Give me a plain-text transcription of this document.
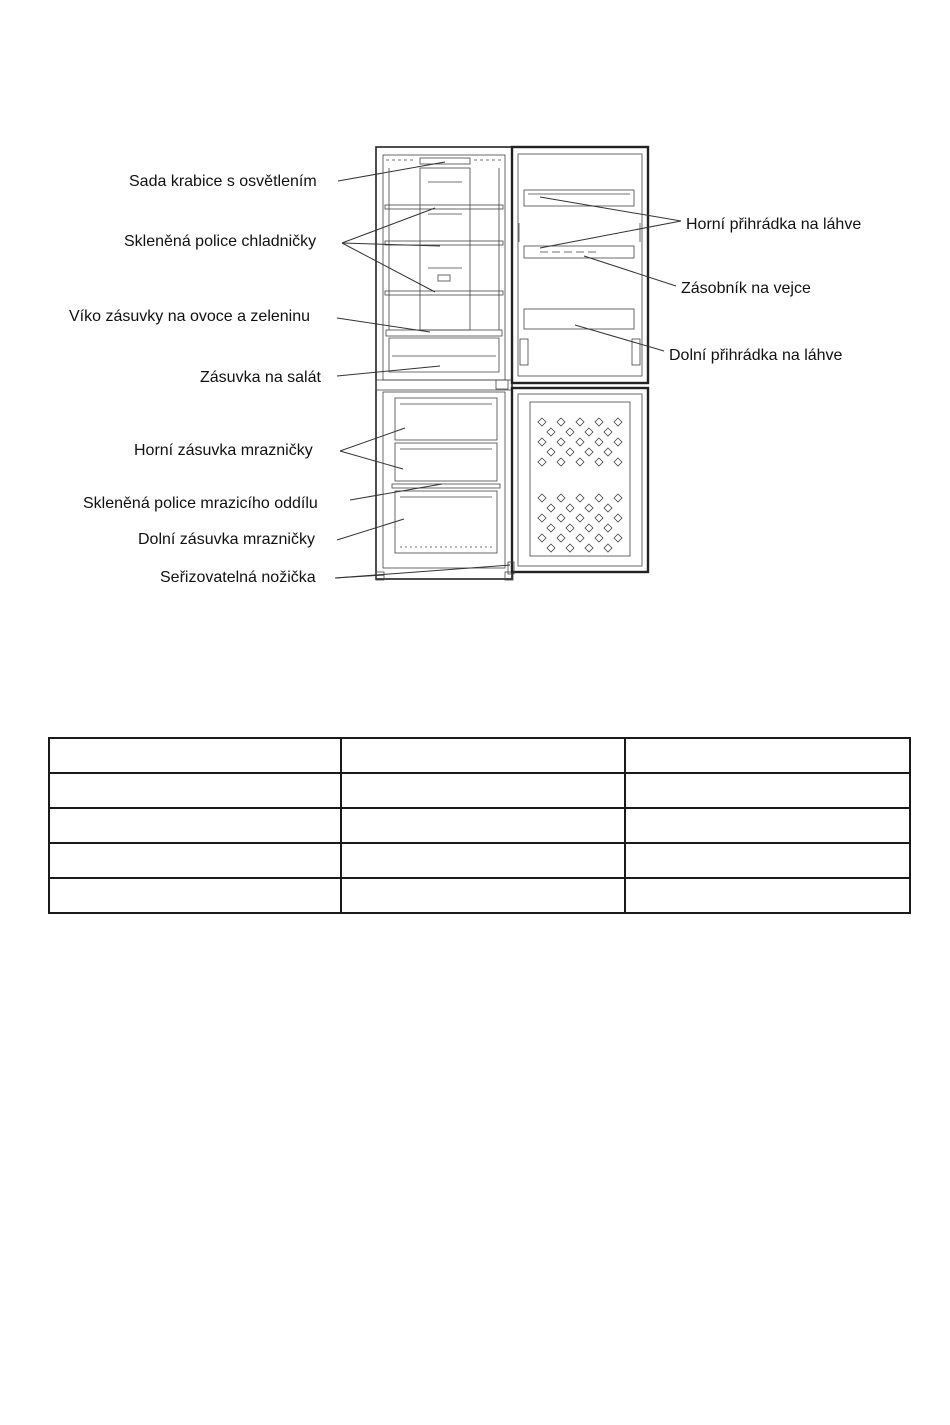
Sada krabice s osvětlením
Skleněná police chladničky
Víko zásuvky na ovoce a zeleninu
Zásuvka na salát
Horní zásuvka mrazničky
Skleněná police mrazicího oddílu
Dolní zásuvka mrazničky
Seřizovatelná nožička
Horní přihrádka na láhve
Zásobník na vejce
Dolní přihrádka na láhve
